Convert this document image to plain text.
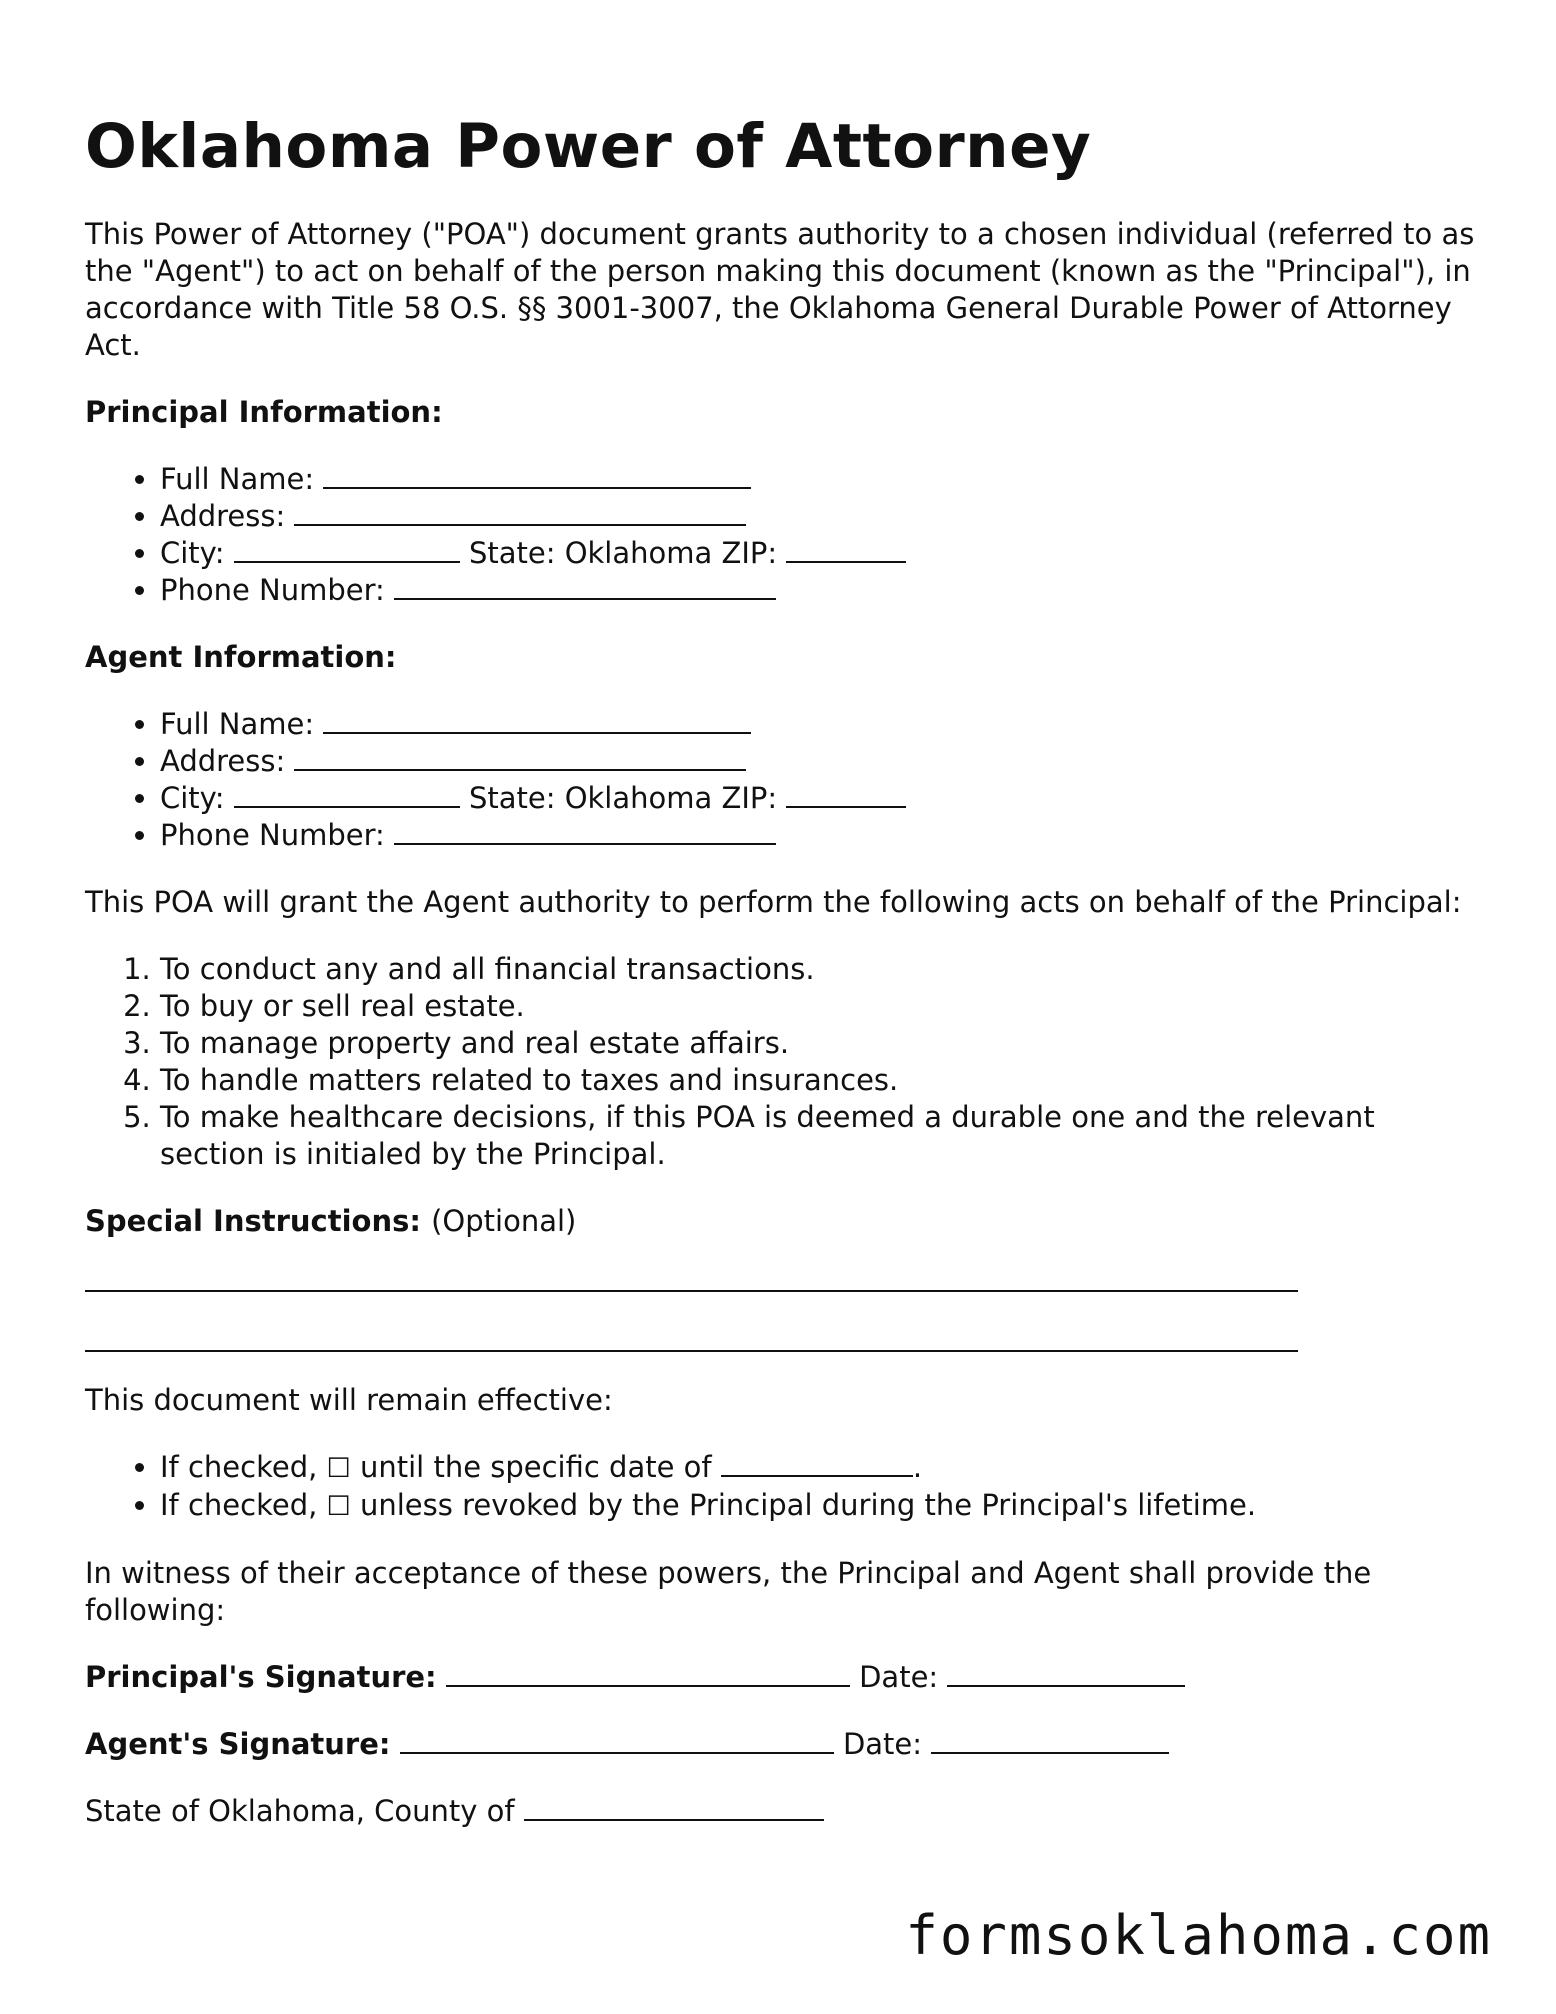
Oklahoma Power of Attorney

This Power of Attorney ("POA") document grants authority to a chosen individual (referred to as the "Agent") to act on behalf of the person making this document (known as the "Principal"), in accordance with Title 58 O.S. §§ 3001-3007, the Oklahoma General Durable Power of Attorney Act.

Principal Information:

• Full Name:
• Address:
• City:	State: Oklahoma ZIP:
• Phone Number:

Agent Information:

• Full Name:
• Address:
• City:	State: Oklahoma ZIP:
• Phone Number:

This POA will grant the Agent authority to perform the following acts on behalf of the Principal:

1. To conduct any and all financial transactions.
2. To buy or sell real estate.
3. To manage property and real estate affairs.
4. To handle matters related to taxes and insurances.
5. To make healthcare decisions, if this POA is deemed a durable one and the relevant section is initialed by the Principal.

Special Instructions: (Optional)

This document will remain effective:

• If checked, ☐ until the specific date of	.
• If checked, ☐ unless revoked by the Principal during the Principal's lifetime.

In witness of their acceptance of these powers, the Principal and Agent shall provide the following:

Principal's Signature:	Date:

Agent's Signature:	Date:

State of Oklahoma, County of

formsoklahoma.com
